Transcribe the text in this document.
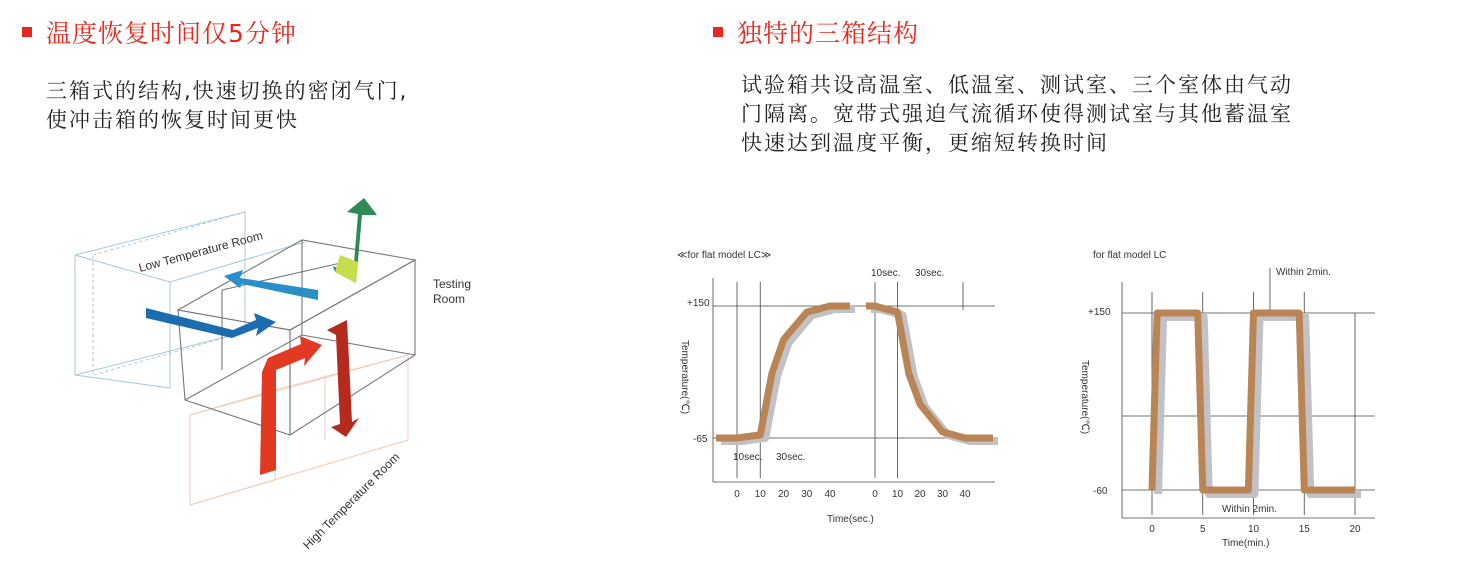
温度恢复时间仅5分钟
三箱式的结构,快速切换的密闭气门,
使冲击箱的恢复时间更快
独特的三箱结构
试验箱共设高温室、低温室、测试室、三个室体由气动
门隔离。宽带式强迫气流循环使得测试室与其他蓄温室
快速达到温度平衡，更缩短转换时间
Low Temperature Room
Testing
Room
High Temperature Room
≪for flat model LC≫
Temperature(℃)
Time(sec.)
+150
-65
10sec. 30sec.
10sec. 30sec.
0 10 20 30 40	0 10 20 30 40
for flat model LC
Temperature(℃)
Time(min.)
+150
-60
Within 2min.
Within 2min.
0	5	10	15	20
